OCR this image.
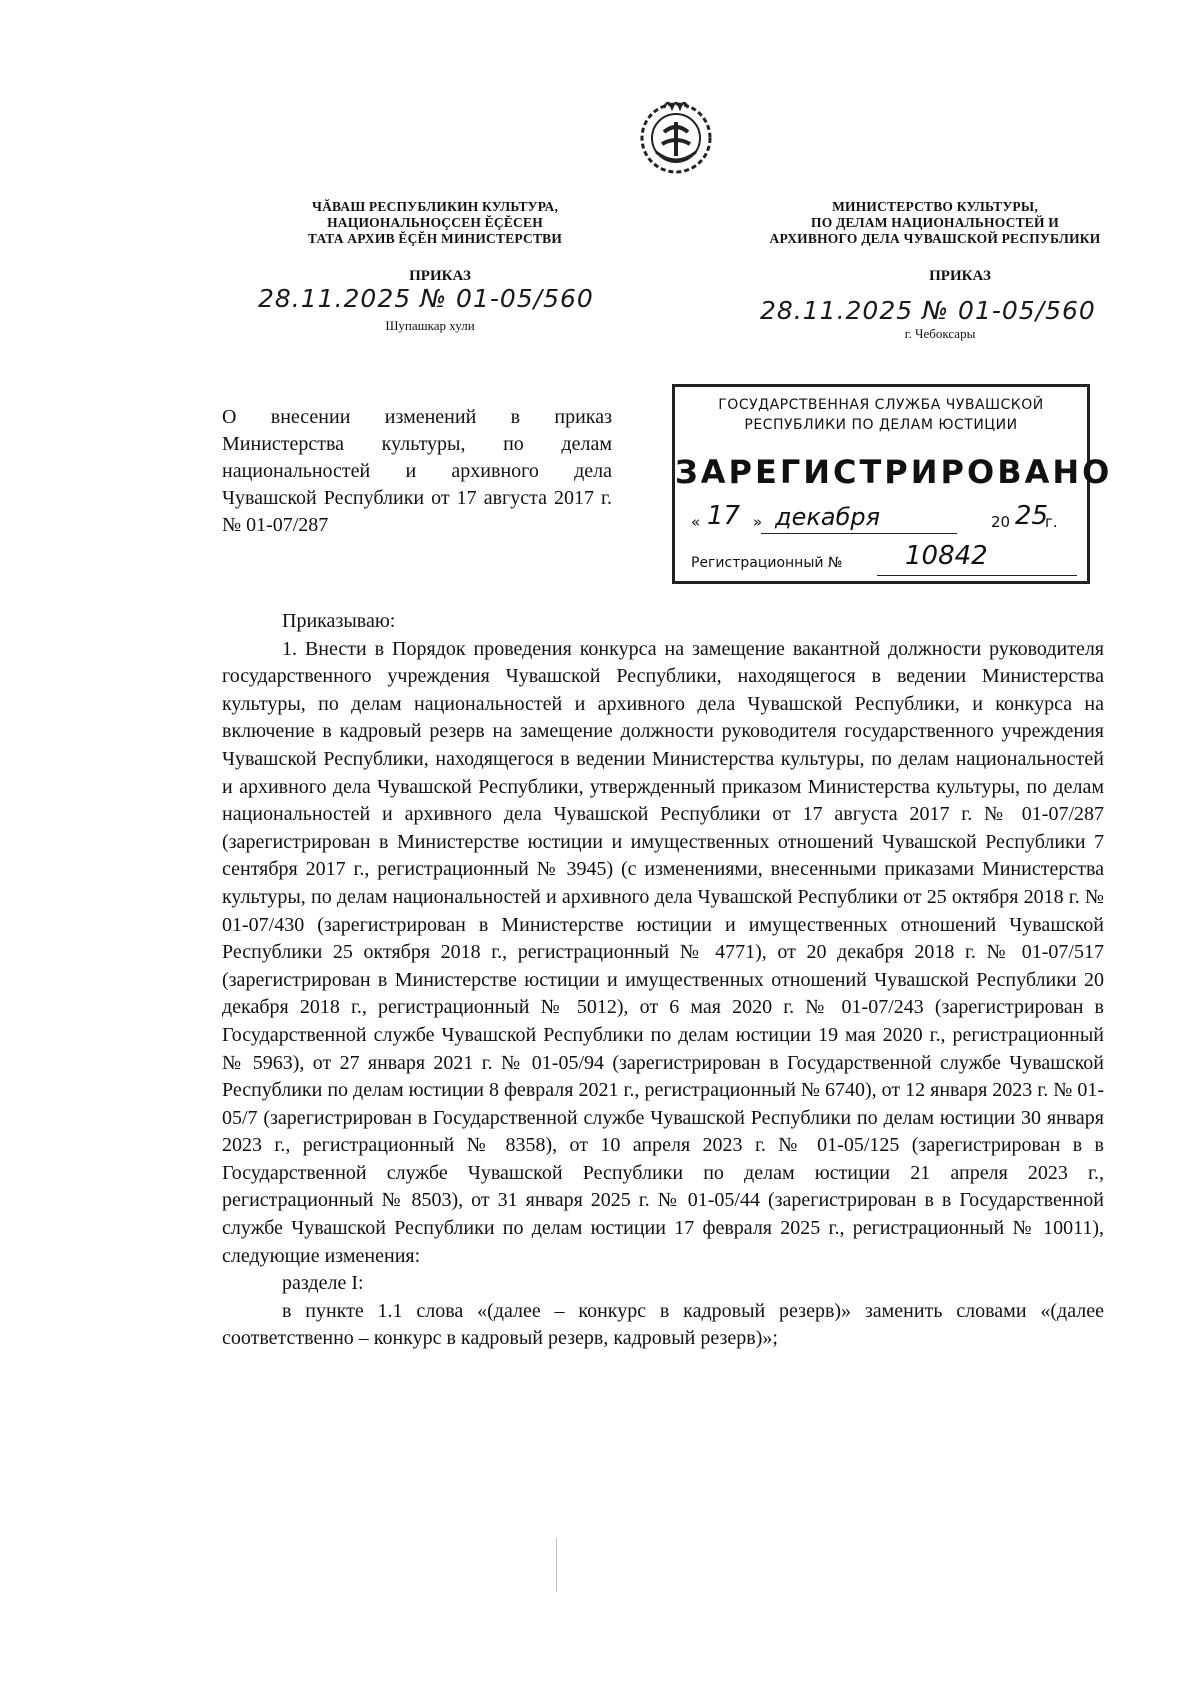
ЧĂВАШ РЕСПУБЛИКИН КУЛЬТУРА,
НАЦИОНАЛЬНОÇСЕН ĔÇĔСЕН
ТАТА АРХИВ ĔÇĔН МИНИСТЕРСТВИ
ПРИКАЗ
28.11.2025 № 01-05/560
Шупашкар хули
МИНИСТЕРСТВО КУЛЬТУРЫ,
ПО ДЕЛАМ НАЦИОНАЛЬНОСТЕЙ И
АРХИВНОГО ДЕЛА ЧУВАШСКОЙ РЕСПУБЛИКИ
ПРИКАЗ
28.11.2025 № 01-05/560
г. Чебоксары
О внесении изменений в приказ Министерства культуры, по делам национальностей и архивного дела Чувашской Республики от 17 августа 2017 г. № 01-07/287
ГОСУДАРСТВЕННАЯ СЛУЖБА ЧУВАШСКОЙ
РЕСПУБЛИКИ ПО ДЕЛАМ ЮСТИЦИИ
ЗАРЕГИСТРИРОВАНО
« 17 » декабря	20 25
г.
Регистрационный № 10842

Приказываю:

1. Внести в Порядок проведения конкурса на замещение вакантной должности руководителя государственного учреждения Чувашской Республики, находящегося в ведении Министерства культуры, по делам национальностей и архивного дела Чувашской Республики, и конкурса на включение в кадровый резерв на замещение должности руководителя государственного учреждения Чувашской Республики, находящегося в ведении Министерства культуры, по делам национальностей и архивного дела Чувашской Республики, утвержденный приказом Министерства культуры, по делам национальностей и архивного дела Чувашской Республики от 17 августа 2017 г. № 01-07/287 (зарегистрирован в Министерстве юстиции и имущественных отношений Чувашской Республики 7 сентября 2017 г., регистрационный № 3945) (с изменениями, внесенными приказами Министерства культуры, по делам национальностей и архивного дела Чувашской Республики от 25 октября 2018 г. № 01-07/430 (зарегистрирован в Министерстве юстиции и имущественных отношений Чувашской Республики 25 октября 2018 г., регистрационный № 4771), от 20 декабря 2018 г. № 01-07/517 (зарегистрирован в Министерстве юстиции и имущественных отношений Чувашской Республики 20 декабря 2018 г., регистрационный № 5012), от 6 мая 2020 г. № 01-07/243 (зарегистрирован в Государственной службе Чувашской Республики по делам юстиции 19 мая 2020 г., регистрационный № 5963), от 27 января 2021 г. № 01-05/94 (зарегистрирован в Государственной службе Чувашской Республики по делам юстиции 8 февраля 2021 г., регистрационный № 6740), от 12 января 2023 г. № 01-05/7 (зарегистрирован в Государственной службе Чувашской Республики по делам юстиции 30 января 2023 г., регистрационный № 8358), от 10 апреля 2023 г. № 01-05/125 (зарегистрирован в в Государственной службе Чувашской Республики по делам юстиции 21 апреля 2023 г., регистрационный № 8503), от 31 января 2025 г. № 01-05/44 (зарегистрирован в в Государственной службе Чувашской Республики по делам юстиции 17 февраля 2025 г., регистрационный № 10011), следующие изменения:

разделе I:

в пункте 1.1 слова «(далее – конкурс в кадровый резерв)» заменить словами «(далее соответственно – конкурс в кадровый резерв, кадровый резерв)»;
